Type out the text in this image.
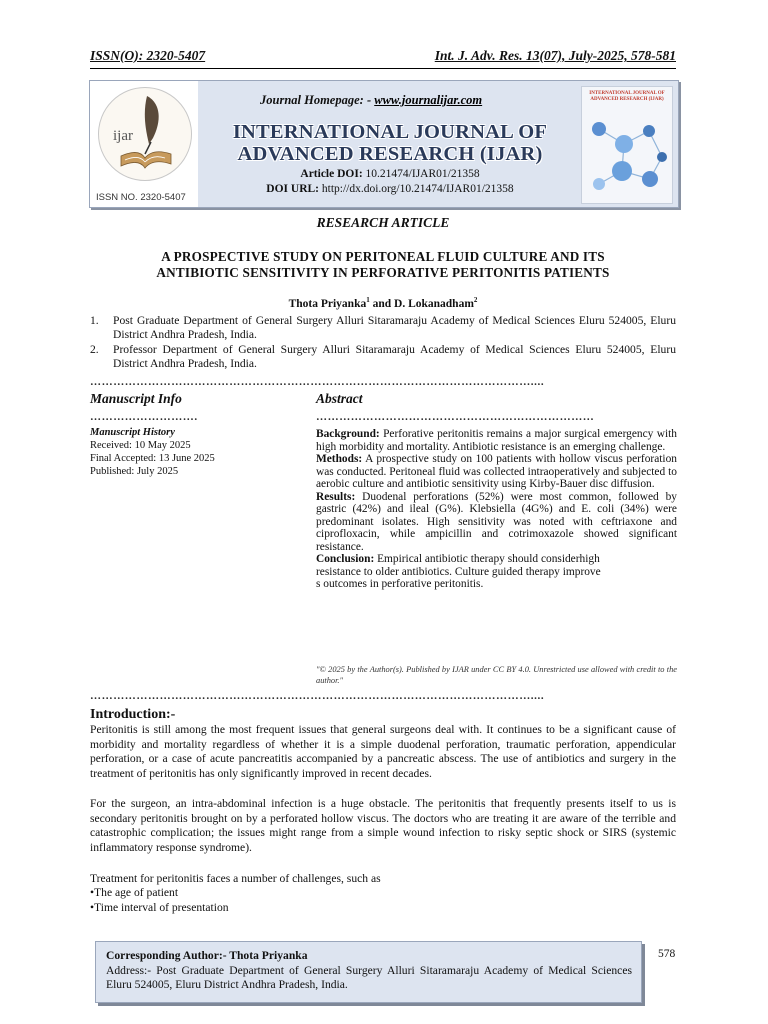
ISSN(O): 2320-5407	Int. J. Adv. Res. 13(07), July-2025, 578-581
ijar
ISSN NO. 2320-5407
Journal Homepage: - www.journalijar.com
INTERNATIONAL JOURNAL OF
ADVANCED RESEARCH (IJAR)
Article DOI: 10.21474/IJAR01/21358
DOI URL: http://dx.doi.org/10.21474/IJAR01/21358
INTERNATIONAL JOURNAL OF ADVANCED RESEARCH (IJAR)
RESEARCH ARTICLE
A PROSPECTIVE STUDY ON PERITONEAL FLUID CULTURE AND ITS
ANTIBIOTIC SENSITIVITY IN PERFORATIVE PERITONITIS PATIENTS
Thota Priyanka$^1$ and D. Lokanadham$^2$
1. Post Graduate Department of General Surgery Alluri Sitaramaraju Academy of Medical Sciences Eluru 524005, Eluru District Andhra Pradesh, India.
2. Professor Department of General Surgery Alluri Sitaramaraju Academy of Medical Sciences Eluru 524005, Eluru District Andhra Pradesh, India.
……………………………………………………………………………………………………....
Manuscript Info
……………………….
Manuscript History
Received: 10 May 2025
Final Accepted: 13 June 2025
Published: July 2025
Abstract
………………………………………………………………

Background: Perforative peritonitis remains a major surgical emergency with high morbidity and mortality. Antibiotic resistance is an emerging challenge.

Methods: A prospective study on 100 patients with hollow viscus perforation was conducted. Peritoneal fluid was collected intraoperatively and subjected to aerobic culture and antibiotic sensitivity using Kirby-Bauer disc diffusion.

Results: Duodenal perforations (52%) were most common, followed by gastric (42%) and ileal (G%). Klebsiella (4G%) and E. coli (34%) were predominant isolates. High sensitivity was noted with ceftriaxone and ciprofloxacin, while ampicillin and cotrimoxazole showed significant resistance.

Conclusion: Empirical antibiotic therapy should considerhigh
resistance to older antibiotics. Culture guided therapy improve
s outcomes in perforative peritonitis.

"© 2025 by the Author(s). Published by IJAR under CC BY 4.0. Unrestricted use allowed with credit to the author."
……………………………………………………………………………………………………....
Introduction:-
Peritonitis is still among the most frequent issues that general surgeons deal with. It continues to be a significant cause of morbidity and mortality regardless of whether it is a simple duodenal perforation, traumatic perforation, appendicular perforation, or a case of acute pancreatitis accompanied by a pancreatic abscess. The use of antibiotics and surgery in the treatment of peritonitis has only significantly improved in recent decades.
For the surgeon, an intra-abdominal infection is a huge obstacle. The peritonitis that frequently presents itself to us is secondary peritonitis brought on by a perforated hollow viscus. The doctors who are treating it are aware of the terrible and catastrophic complication; the issues might range from a simple wound infection to risky septic shock or SIRS (systemic inflammatory response syndrome).
Treatment for peritonitis faces a number of challenges, such as
•The age of patient
•Time interval of presentation
Corresponding Author:- Thota Priyanka
Address:- Post Graduate Department of General Surgery Alluri Sitaramaraju Academy of Medical Sciences Eluru 524005, Eluru District Andhra Pradesh, India.
578
